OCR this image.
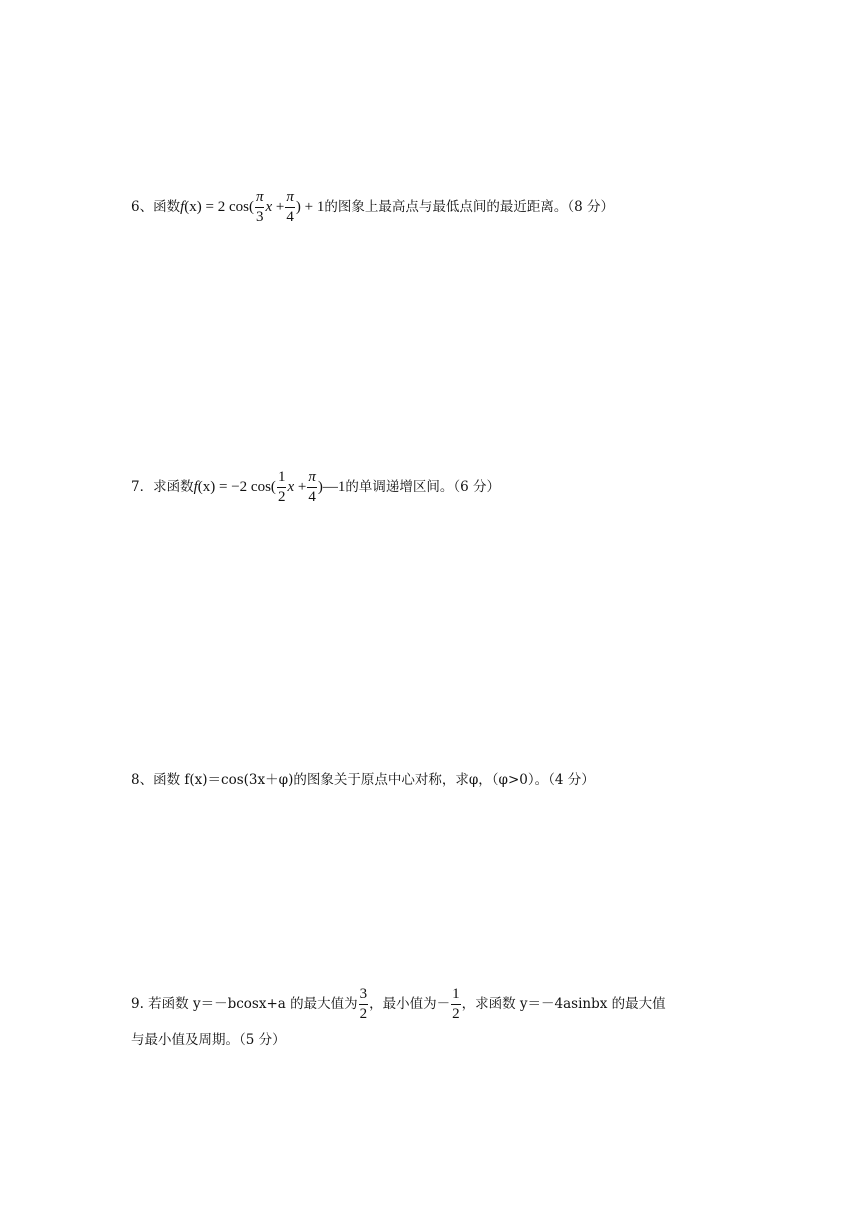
6、函数 f(x) = 2 $\cos( \frac{\pi}{3}$ $x + \frac{\pi}{4}$ ) + 1 的图象上最高点与最低点间的最近距离。（8 分）
7．求函数 f(x) = −2 $\cos( \frac{1}{2}$ $x + \frac{\pi}{4}$ )—1 的单调递增区间。（6 分）
8、函数 f(x)＝cos(3x＋φ)的图象关于原点中心对称，求φ，（φ>0）。（4 分）
9. 若函数 y＝－bcosx+a 的最大值为 $\frac{3}{2}$ ，最小值为－ $\frac{1}{2}$ ，求函数 y＝－4asinbx 的最大值
与最小值及周期。（5 分）
